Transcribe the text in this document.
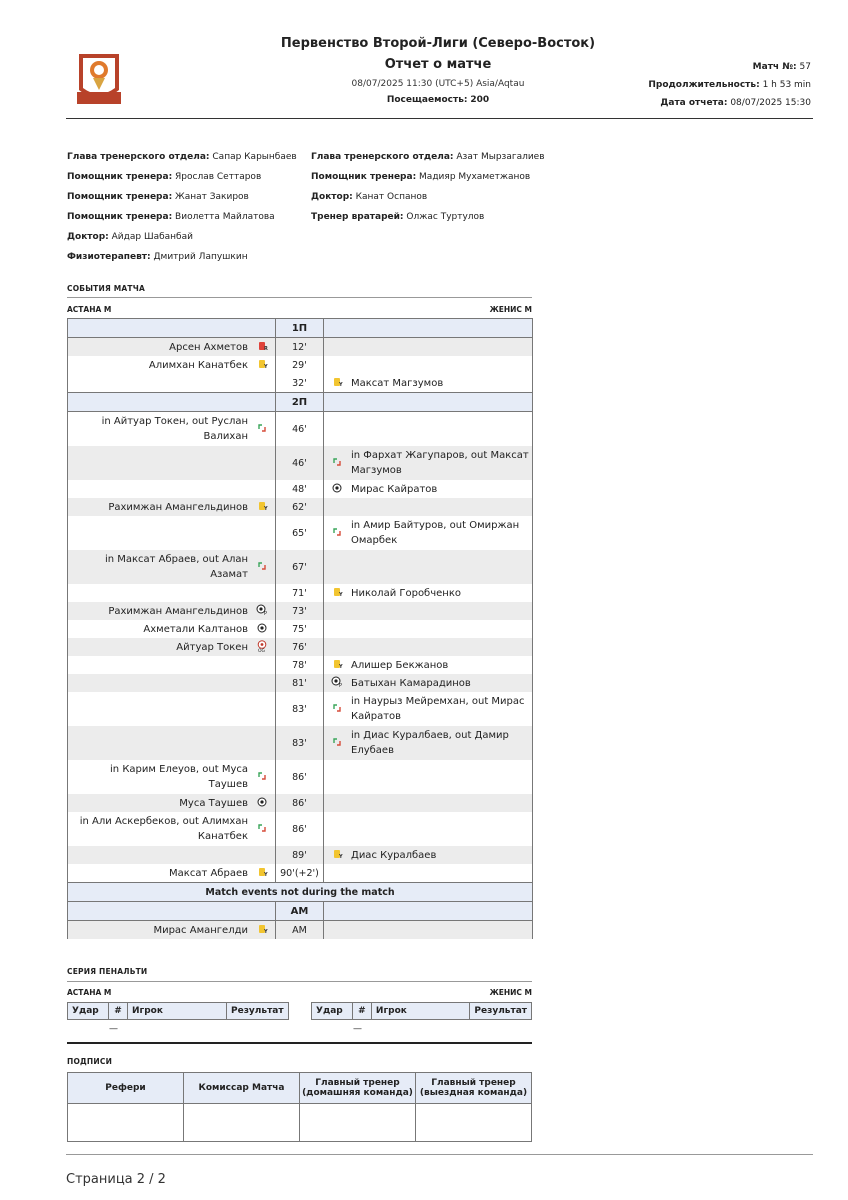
Первенство Второй-Лиги (Северо-Восток)
Отчет о матче
08/07/2025 11:30 (UTC+5) Asia/Aqtau
Посещаемость: 200
Матч №: 57
Продолжительность: 1 h 53 min
Дата отчета: 08/07/2025 15:30
Глава тренерского отдела: Сапар Карынбаев
Помощник тренера: Ярослав Сеттаров
Помощник тренера: Жанат Закиров
Помощник тренера: Виолетта Майлатова
Доктор: Айдар Шабанбай
Физиотерапевт: Дмитрий Лапушкин
Глава тренерского отдела: Азат Мырзагалиев
Помощник тренера: Мадияр Мухаметжанов
Доктор: Канат Оспанов
Тренер вратарей: Олжас Туртулов
СОБЫТИЯ МАТЧА
АСТАНА М	ЖЕНИС М
	1П	

Арсен Ахметов R	12'	

Алимхан Канатбек Y	29'	
	32'	Y Максат Магзумов

	2П	

in Айтуар Токен, out Руслан Валихан	46'	
	46'	in Фархат Жагупаров, out Максат Магзумов

	48'	Мирас Кайратов

Рахимжан Амангельдинов Y	62'	
	65'	in Амир Байтуров, out Омиржан Омарбек

in Максат Абраев, out Алан Азамат	67'	
	71'	Y Николай Горобченко

Рахимжан Амангельдинов P	73'	

Ахметали Калтанов	75'	

Айтуар Токен OG	76'	
	78'	Y Алишер Бекжанов

	81'	P Батыхан Камарадинов

	83'	in Наурыз Мейремхан, out Мирас Кайратов

	83'	in Диас Куралбаев, out Дамир Елубаев

in Карим Елеуов, out Муса Таушев	86'	

Муса Таушев	86'	

in Али Аскербеков, out Алимхан Канатбек	86'	
	89'	Y Диас Куралбаев

Максат Абраев Y	90'(+2')	
Match events not during the match		
	AM	

Мирас Амангелди Y	AM	
СЕРИЯ ПЕНАЛЬТИ
АСТАНА М	ЖЕНИС М
Удар	#	Игрок	Результат	Удар	#	Игрок	Результат
—	—
ПОДПИСИ
Рефери	Комиссар Матча	Главный тренер (домашняя команда)	Главный тренер (выездная команда)

Страница 2 / 2
